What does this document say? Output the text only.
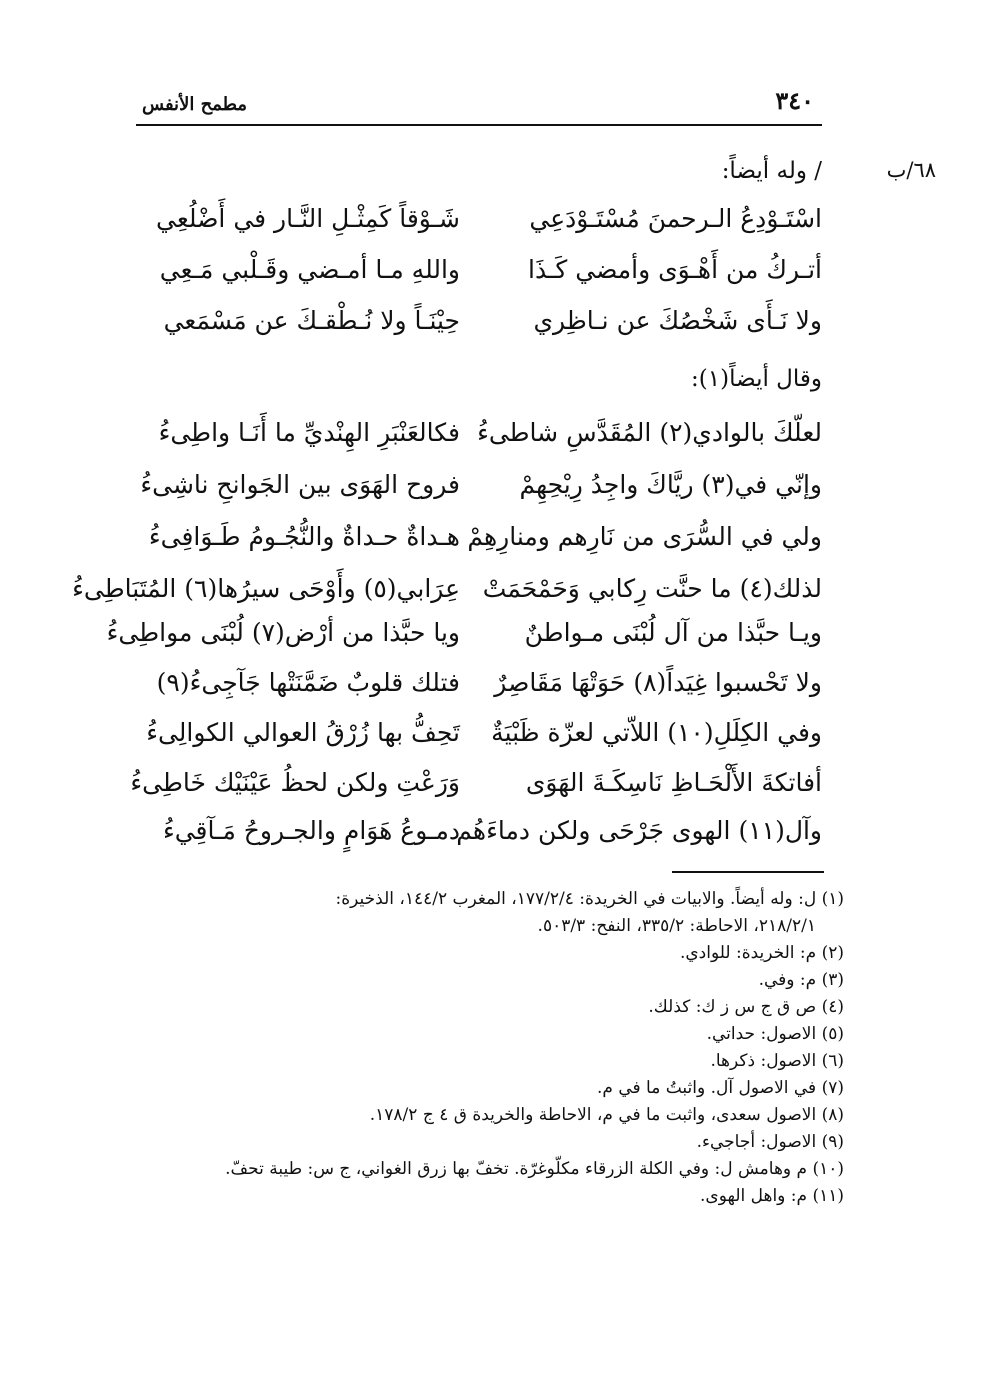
٣٤٠
مطمح الأنفس
٦٨/ب
/ وله أيضاً:
اسْتَـوْدِعُ الـرحمنَ مُسْتَـوْدَعِي
شَـوْقاً كَمِثْـلِ النَّـار في أَضْلُعِي
أتـركُ من أَهْـوَى وأمضي كَـذَا
واللهِ مـا أمـضي وقَـلْبي مَـعِي
ولا نَـأَى شَخْصُكَ عن نـاظِري
حِيْنَـاً ولا نُـطْقـكَ عن مَسْمَعي
وقال أيضاً(١):
لعلّكَ بالوادي(٢) المُقَدَّسِ شاطىءُ
فكالعَنْبَرِ الهِنْديِّ ما أَنَـا واطِىءُ
وإنّي في(٣) ريَّاكَ واجِدُ رِيْحِهِمْ
فروح الهَوَى بين الجَوانحِ ناشِىءُ
ولي في السُّرَى من نَارِهم ومنارِهِمْ
هـداةٌ حـداةٌ والنُّجُـومُ طَـوَافِىءُ
لذلك(٤) ما حنَّت رِكابي وَحَمْحَمَتْ
عِرَابي(٥) وأَوْحَى سيرُها(٦) المُتَبَاطِىءُ
ويـا حبَّذا من آل لُبْنَى مـواطنٌ
ويا حبَّذا من أرْض(٧) لُبْنَى مواطِىءُ
ولا تَحْسبوا غِيَداً(٨) حَوَتْهَا مَقَاصِرٌ
فتلك قلوبٌ ضَمَّنَتْها جَآجِىءُ(٩)
وفي الكِلَلِ(١٠) اللاّتي لعزّة ظَبْيَةٌ
تَحِفُّ بها زُرْقُ العوالي الكوالِىءُ
أفاتكةَ الأَلْحَـاظِ نَاسِكَـةَ الهَوَى
وَرَعْتِ ولكن لحظُ عَيْنَيْك خَاطِىءُ
وآل(١١) الهوى جَرْحَى ولكن دماءَهُم
دمـوعُ هَوَامٍ والجـروحُ مَـآقِيءُ
(١) ل: وله أيضاً. والابيات في الخريدة: ١٧٧/٢/٤، المغرب ١٤٤/٢، الذخيرة:
٢١٨/٢/١، الاحاطة: ٣٣٥/٢، النفح: ٥٠٣/٣.
(٢) م: الخريدة: للوادي.
(٣) م: وفي.
(٤) ص ق ج س ز ك: كذلك.
(٥) الاصول: حداتي.
(٦) الاصول: ذكرها.
(٧) في الاصول آل. واثبتُ ما في م.
(٨) الاصول سعدى، واثبت ما في م، الاحاطة والخريدة ق ٤ ج ١٧٨/٢.
(٩) الاصول: أجاجيء.
(١٠) م وهامش ل: وفي الكلة الزرقاء مكلّوغرّة. تخفّ بها زرق الغواني، ج س: طيبة تحفّ.
(١١) م: واهل الهوى.
